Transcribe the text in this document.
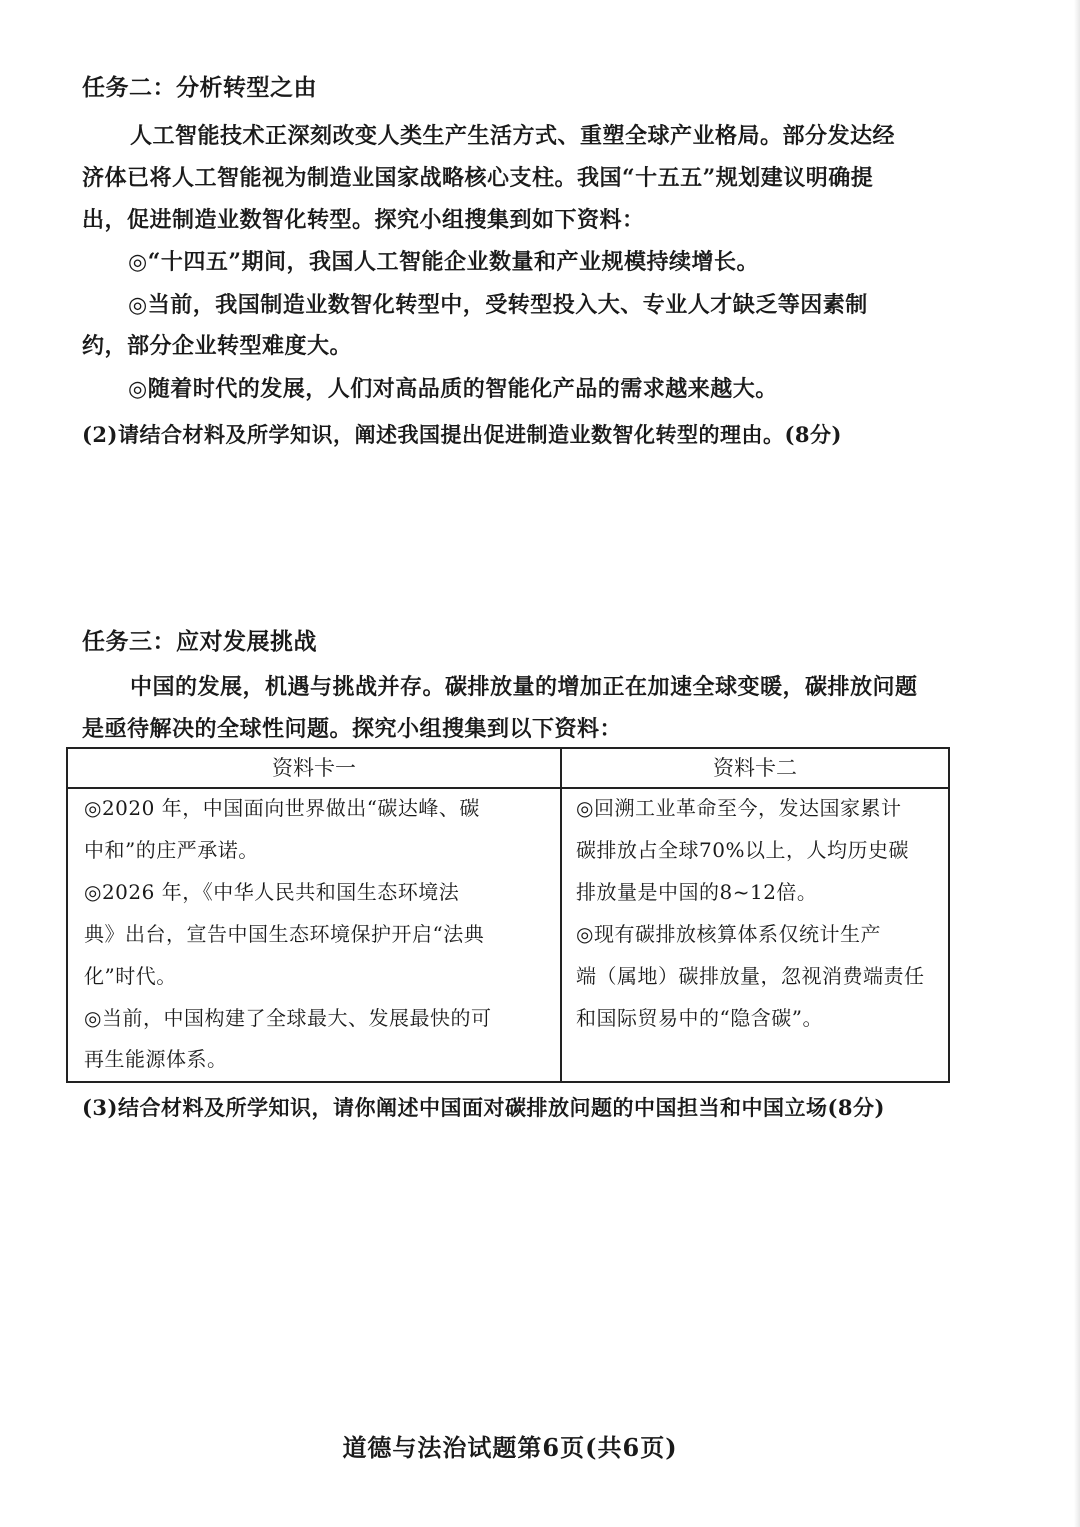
任务二：分析转型之由
人工智能技术正深刻改变人类生产生活方式、重塑全球产业格局。部分发达经
济体已将人工智能视为制造业国家战略核心支柱。我国“十五五”规划建议明确提
出，促进制造业数智化转型。探究小组搜集到如下资料：
◎“十四五”期间，我国人工智能企业数量和产业规模持续增长。
◎当前，我国制造业数智化转型中，受转型投入大、专业人才缺乏等因素制
约，部分企业转型难度大。
◎随着时代的发展，人们对高品质的智能化产品的需求越来越大。
(2)请结合材料及所学知识，阐述我国提出促进制造业数智化转型的理由。(8分)
任务三：应对发展挑战
中国的发展，机遇与挑战并存。碳排放量的增加正在加速全球变暖，碳排放问题
是亟待解决的全球性问题。探究小组搜集到以下资料：
资料卡一	资料卡二
◎2020 年，中国面向世界做出“碳达峰、碳
中和”的庄严承诺。
◎2026 年，《中华人民共和国生态环境法
典》出台，宣告中国生态环境保护开启“法典
化”时代。
◎当前，中国构建了全球最大、发展最快的可
再生能源体系。
◎回溯工业革命至今，发达国家累计
碳排放占全球70%以上，人均历史碳
排放量是中国的8~12倍。
◎现有碳排放核算体系仅统计生产
端（属地）碳排放量，忽视消费端责任
和国际贸易中的“隐含碳”。
(3)结合材料及所学知识，请你阐述中国面对碳排放问题的中国担当和中国立场(8分)
道德与法治试题第6页(共6页)
